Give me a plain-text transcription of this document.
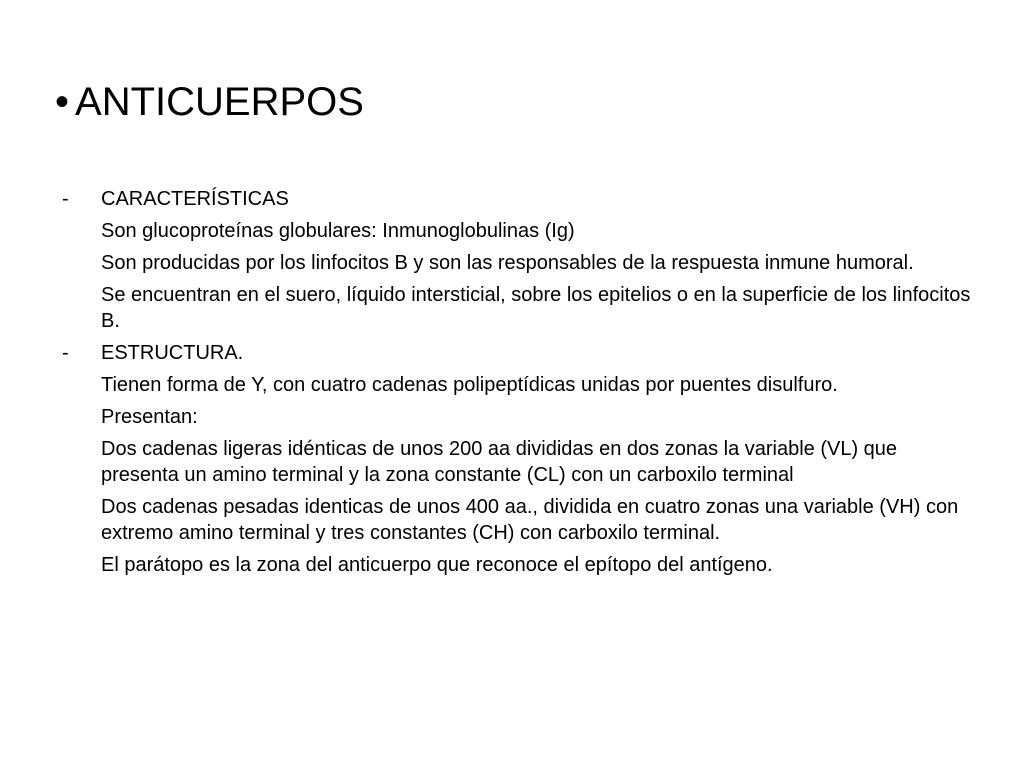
• ANTICUERPOS
- CARACTERÍSTICAS
Son glucoproteínas globulares: Inmunoglobulinas (Ig)
Son producidas por los linfocitos B y son las responsables de la respuesta inmune humoral.
Se encuentran en el suero, líquido intersticial, sobre los epitelios o en la superficie de los linfocitos B.
- ESTRUCTURA.
Tienen forma de Y, con cuatro cadenas polipeptídicas unidas por puentes disulfuro.
Presentan:
Dos cadenas ligeras idénticas de unos 200 aa divididas en dos zonas la variable (VL) que presenta un amino terminal y la zona constante (CL) con un carboxilo terminal
Dos cadenas pesadas identicas de unos 400 aa., dividida en cuatro zonas una variable (VH) con extremo amino terminal y tres constantes (CH) con carboxilo terminal.
El parátopo es la zona del anticuerpo que reconoce el epítopo del antígeno.
